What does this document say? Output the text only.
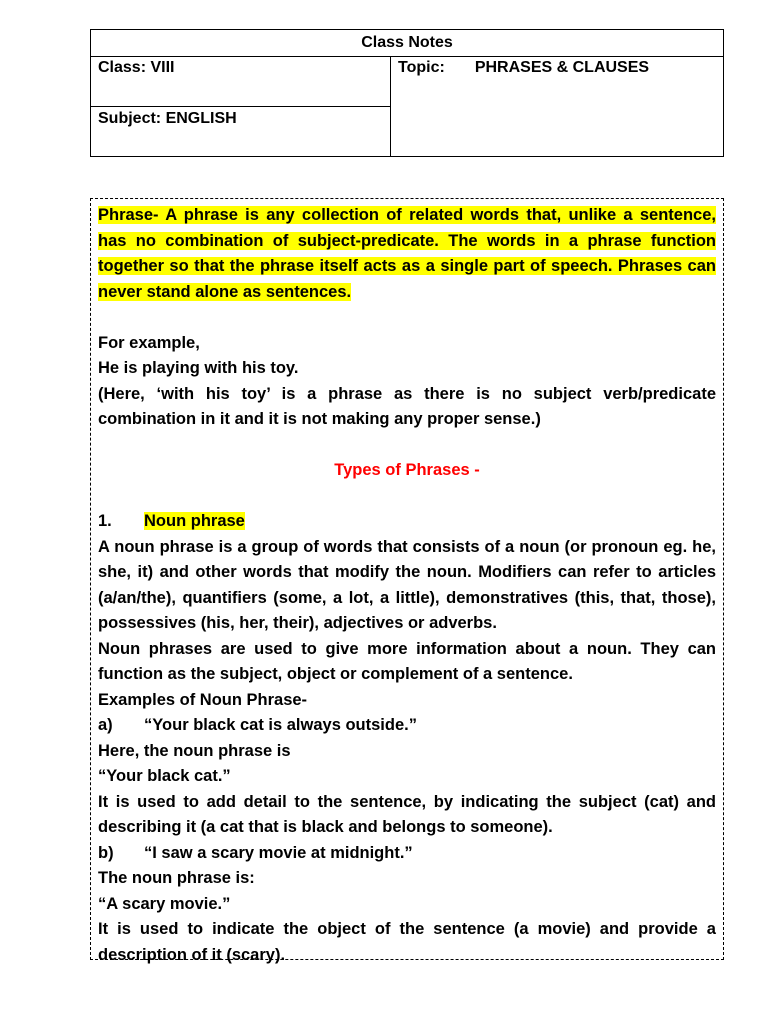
Class Notes
Class: VIII
Subject: ENGLISH
Topic: PHRASES & CLAUSES

Phrase- A phrase is any collection of related words that, unlike a sentence, has no combination of subject-predicate. The words in a phrase function together so that the phrase itself acts as a single part of speech. Phrases can never stand alone as sentences.

For example,

He is playing with his toy.

(Here, ‘with his toy’ is a phrase as there is no subject verb/predicate combination in it and it is not making any proper sense.)

Types of Phrases -

1. Noun phrase

A noun phrase is a group of words that consists of a noun (or pronoun eg. he, she, it) and other words that modify the noun. Modifiers can refer to articles (a/an/the), quantifiers (some, a lot, a little), demonstratives (this, that, those), possessives (his, her, their), adjectives or adverbs.

Noun phrases are used to give more information about a noun. They can function as the subject, object or complement of a sentence.

Examples of Noun Phrase-

a) “Your black cat is always outside.”

Here, the noun phrase is

“Your black cat.”

It is used to add detail to the sentence, by indicating the subject (cat) and describing it (a cat that is black and belongs to someone).

b) “I saw a scary movie at midnight.”

The noun phrase is:

“A scary movie.”

It is used to indicate the object of the sentence (a movie) and provide a description of it (scary).
